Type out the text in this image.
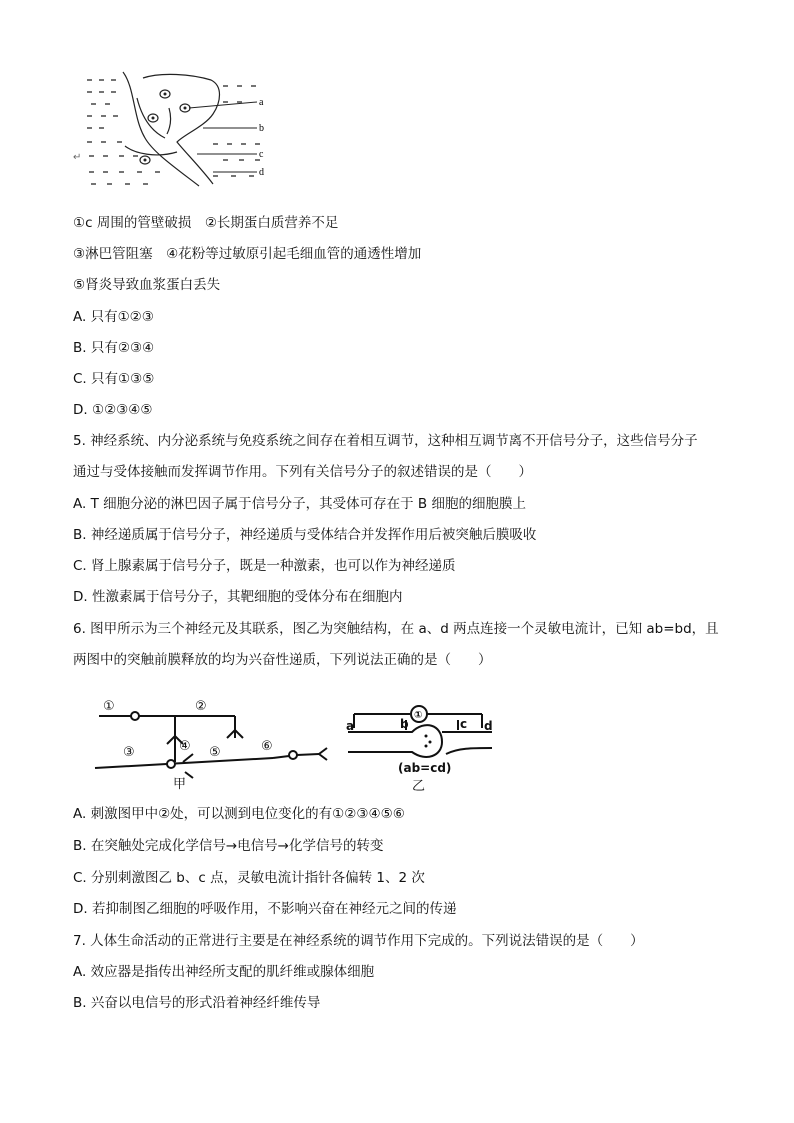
a
b
c
d
↵
①c 周围的管壁破损　②长期蛋白质营养不足
③淋巴管阻塞　④花粉等过敏原引起毛细血管的通透性增加
⑤肾炎导致血浆蛋白丢失
A. 只有①②③
B. 只有②③④
C. 只有①③⑤
D. ①②③④⑤
5. 神经系统、内分泌系统与免疫系统之间存在着相互调节，这种相互调节离不开信号分子，这些信号分子
通过与受体接触而发挥调节作用。下列有关信号分子的叙述错误的是（　　）
A. T 细胞分泌的淋巴因子属于信号分子，其受体可存在于 B 细胞的细胞膜上
B. 神经递质属于信号分子，神经递质与受体结合并发挥作用后被突触后膜吸收
C. 肾上腺素属于信号分子，既是一种激素，也可以作为神经递质
D. 性激素属于信号分子，其靶细胞的受体分布在细胞内
6. 图甲所示为三个神经元及其联系，图乙为突触结构，在 a、d 两点连接一个灵敏电流计，已知 ab=bd，且
两图中的突触前膜释放的均为兴奋性递质，下列说法正确的是（　　）
①	②
③	④ ⑤	⑥
甲
①
a	b	c d
(ab=cd)
乙
A. 刺激图甲中②处，可以测到电位变化的有①②③④⑤⑥
B. 在突触处完成化学信号→电信号→化学信号的转变
C. 分别刺激图乙 b、c 点，灵敏电流计指针各偏转 1、2 次
D. 若抑制图乙细胞的呼吸作用，不影响兴奋在神经元之间的传递
7. 人体生命活动的正常进行主要是在神经系统的调节作用下完成的。下列说法错误的是（　　）
A. 效应器是指传出神经所支配的肌纤维或腺体细胞
B. 兴奋以电信号的形式沿着神经纤维传导
